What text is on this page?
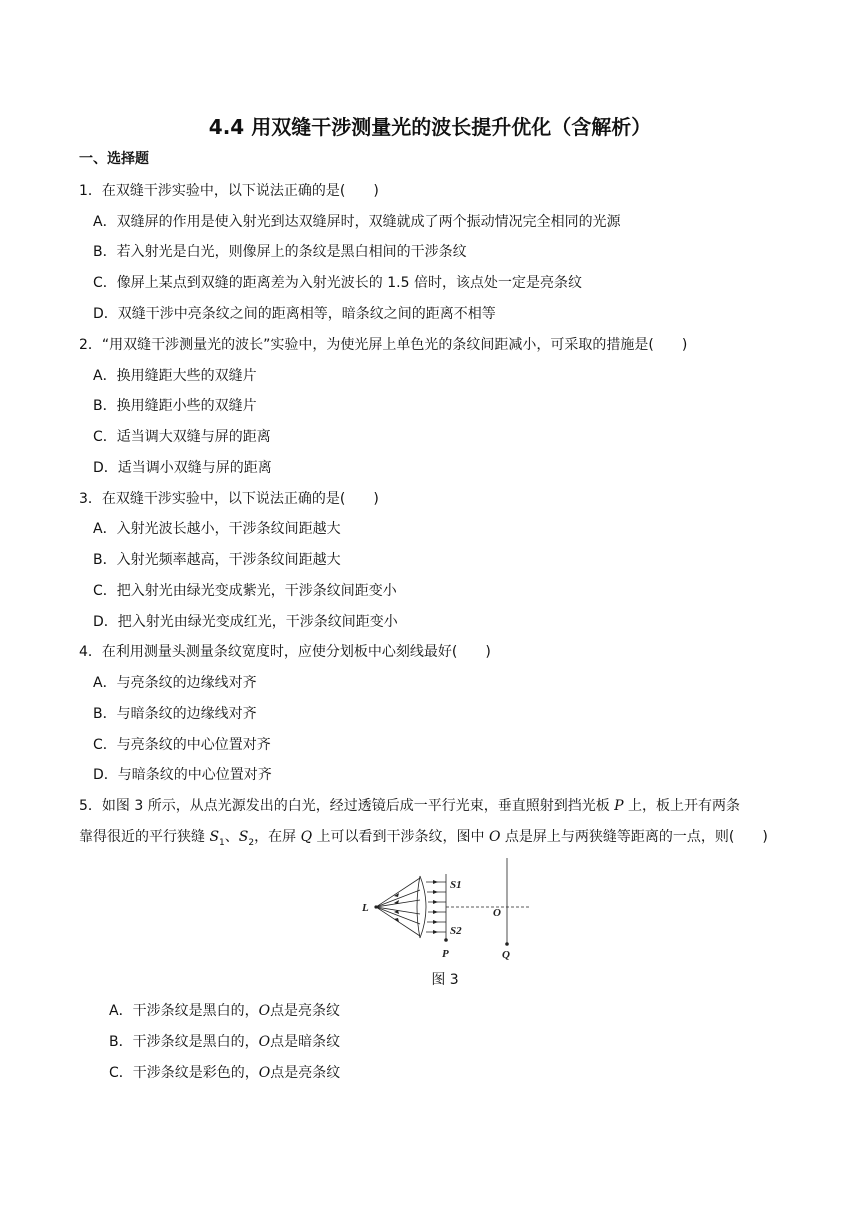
4.4 用双缝干涉测量光的波长提升优化（含解析）
一、选择题
1．在双缝干涉实验中，以下说法正确的是(　　)
A．双缝屏的作用是使入射光到达双缝屏时，双缝就成了两个振动情况完全相同的光源
B．若入射光是白光，则像屏上的条纹是黑白相间的干涉条纹
C．像屏上某点到双缝的距离差为入射光波长的 1.5 倍时，该点处一定是亮条纹
D．双缝干涉中亮条纹之间的距离相等，暗条纹之间的距离不相等
2．“用双缝干涉测量光的波长”实验中，为使光屏上单色光的条纹间距减小，可采取的措施是(　　)
A．换用缝距大些的双缝片
B．换用缝距小些的双缝片
C．适当调大双缝与屏的距离
D．适当调小双缝与屏的距离
3．在双缝干涉实验中，以下说法正确的是(　　)
A．入射光波长越小，干涉条纹间距越大
B．入射光频率越高，干涉条纹间距越大
C．把入射光由绿光变成紫光，干涉条纹间距变小
D．把入射光由绿光变成红光，干涉条纹间距变小
4．在利用测量头测量条纹宽度时，应使分划板中心刻线最好(　　)
A．与亮条纹的边缘线对齐
B．与暗条纹的边缘线对齐
C．与亮条纹的中心位置对齐
D．与暗条纹的中心位置对齐
5．如图 3 所示，从点光源发出的白光，经过透镜后成一平行光束，垂直照射到挡光板 P 上，板上开有两条
靠得很近的平行狭缝 $S_1$、$S_2$，在屏 Q 上可以看到干涉条纹，图中 O 点是屏上与两狭缝等距离的一点，则(　　)
L
S1
S2
O
P	Q
图 3
A．干涉条纹是黑白的，O点是亮条纹
B．干涉条纹是黑白的，O点是暗条纹
C．干涉条纹是彩色的，O点是亮条纹
